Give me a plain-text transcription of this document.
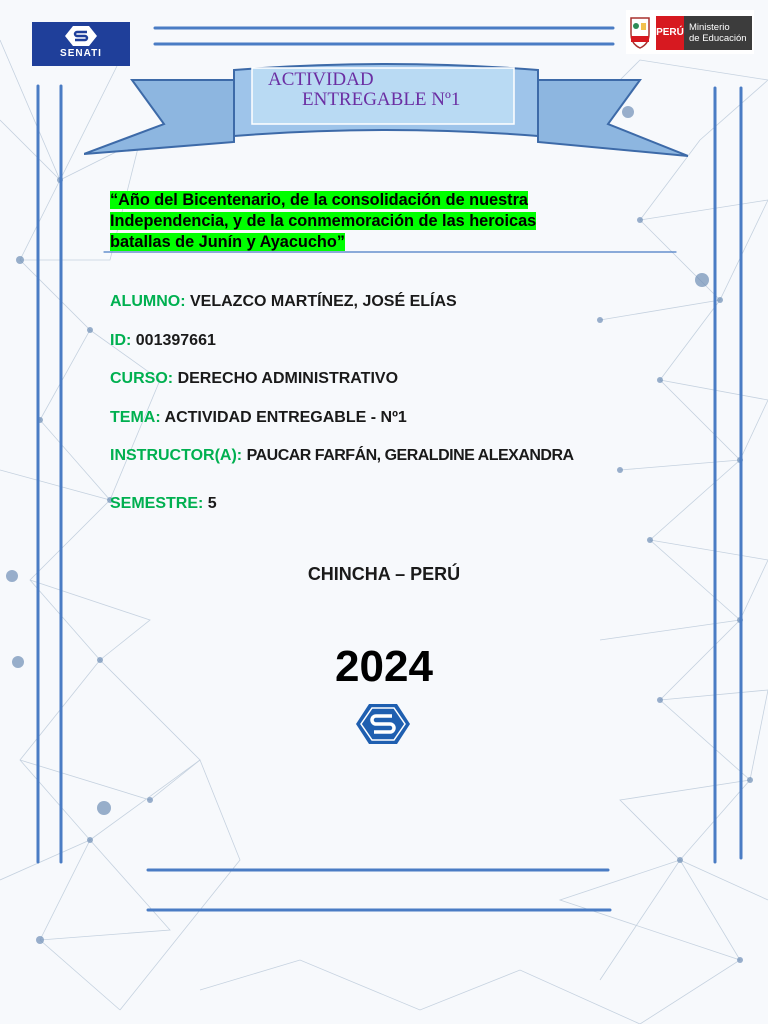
SENATI
PERÚ Ministerio
de Educación
ACTIVIDAD
ENTREGABLE Nº1
“Año del Bicentenario, de la consolidación de nuestra
Independencia, y de la conmemoración de las heroicas
batallas de Junín y Ayacucho”
ALUMNO: VELAZCO MARTÍNEZ, JOSÉ ELÍAS
ID: 001397661
CURSO: DERECHO ADMINISTRATIVO
TEMA: ACTIVIDAD ENTREGABLE - Nº1
INSTRUCTOR(A): PAUCAR FARFÁN, GERALDINE ALEXANDRA
SEMESTRE: 5
CHINCHA – PERÚ
2024
